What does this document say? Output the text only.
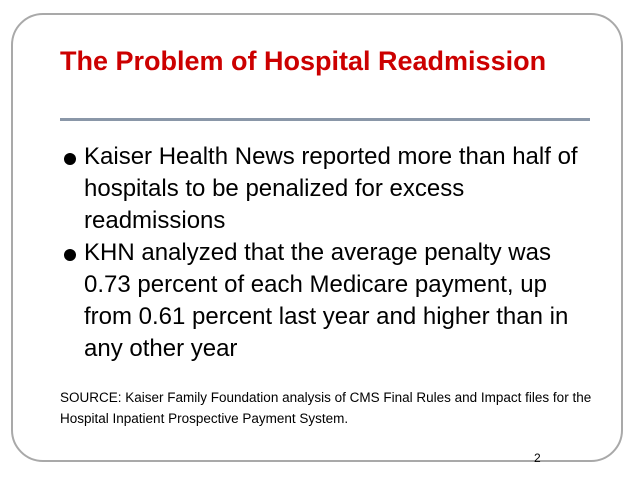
The Problem of Hospital Readmission
Kaiser Health News reported more than half of hospitals to be penalized for excess readmissions
KHN analyzed that the average penalty was 0.73 percent of each Medicare payment, up from 0.61 percent last year and higher than in any other year

SOURCE: Kaiser Family Foundation analysis of CMS Final Rules and Impact files for the Hospital Inpatient Prospective Payment System.

2
